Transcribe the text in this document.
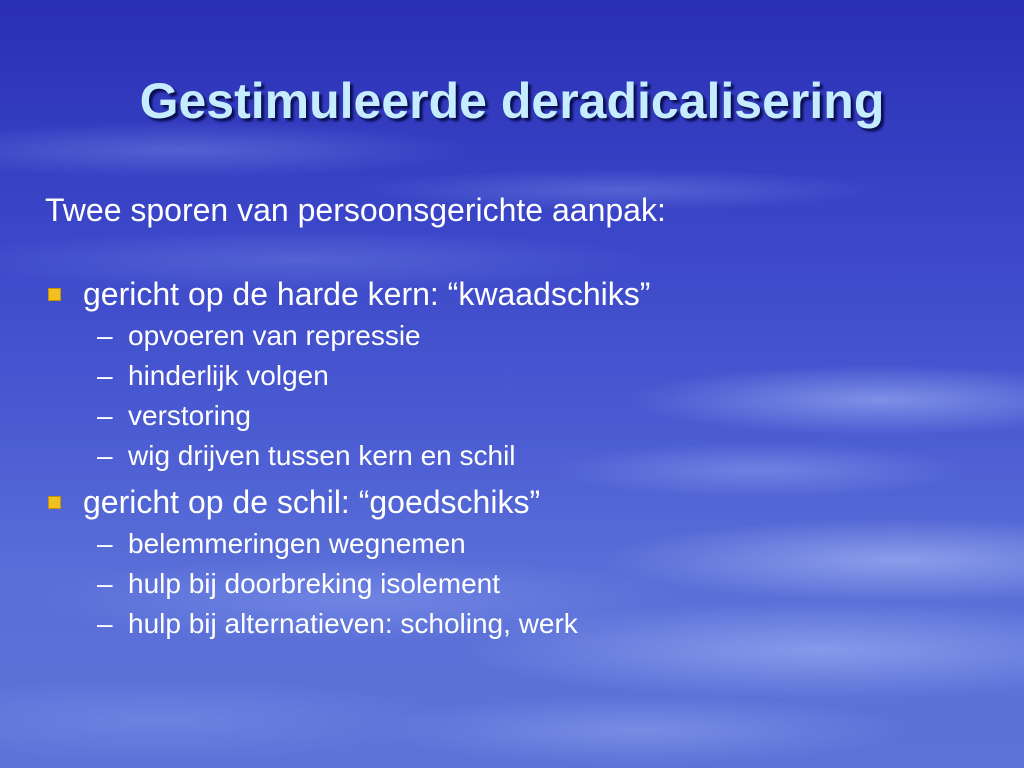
Gestimuleerde deradicalisering
Twee sporen van persoonsgerichte aanpak:
gericht op de harde kern: “kwaadschiks”
– opvoeren van repressie
– hinderlijk volgen
– verstoring
– wig drijven tussen kern en schil
gericht op de schil: “goedschiks”
– belemmeringen wegnemen
– hulp bij doorbreking isolement
– hulp bij alternatieven: scholing, werk
